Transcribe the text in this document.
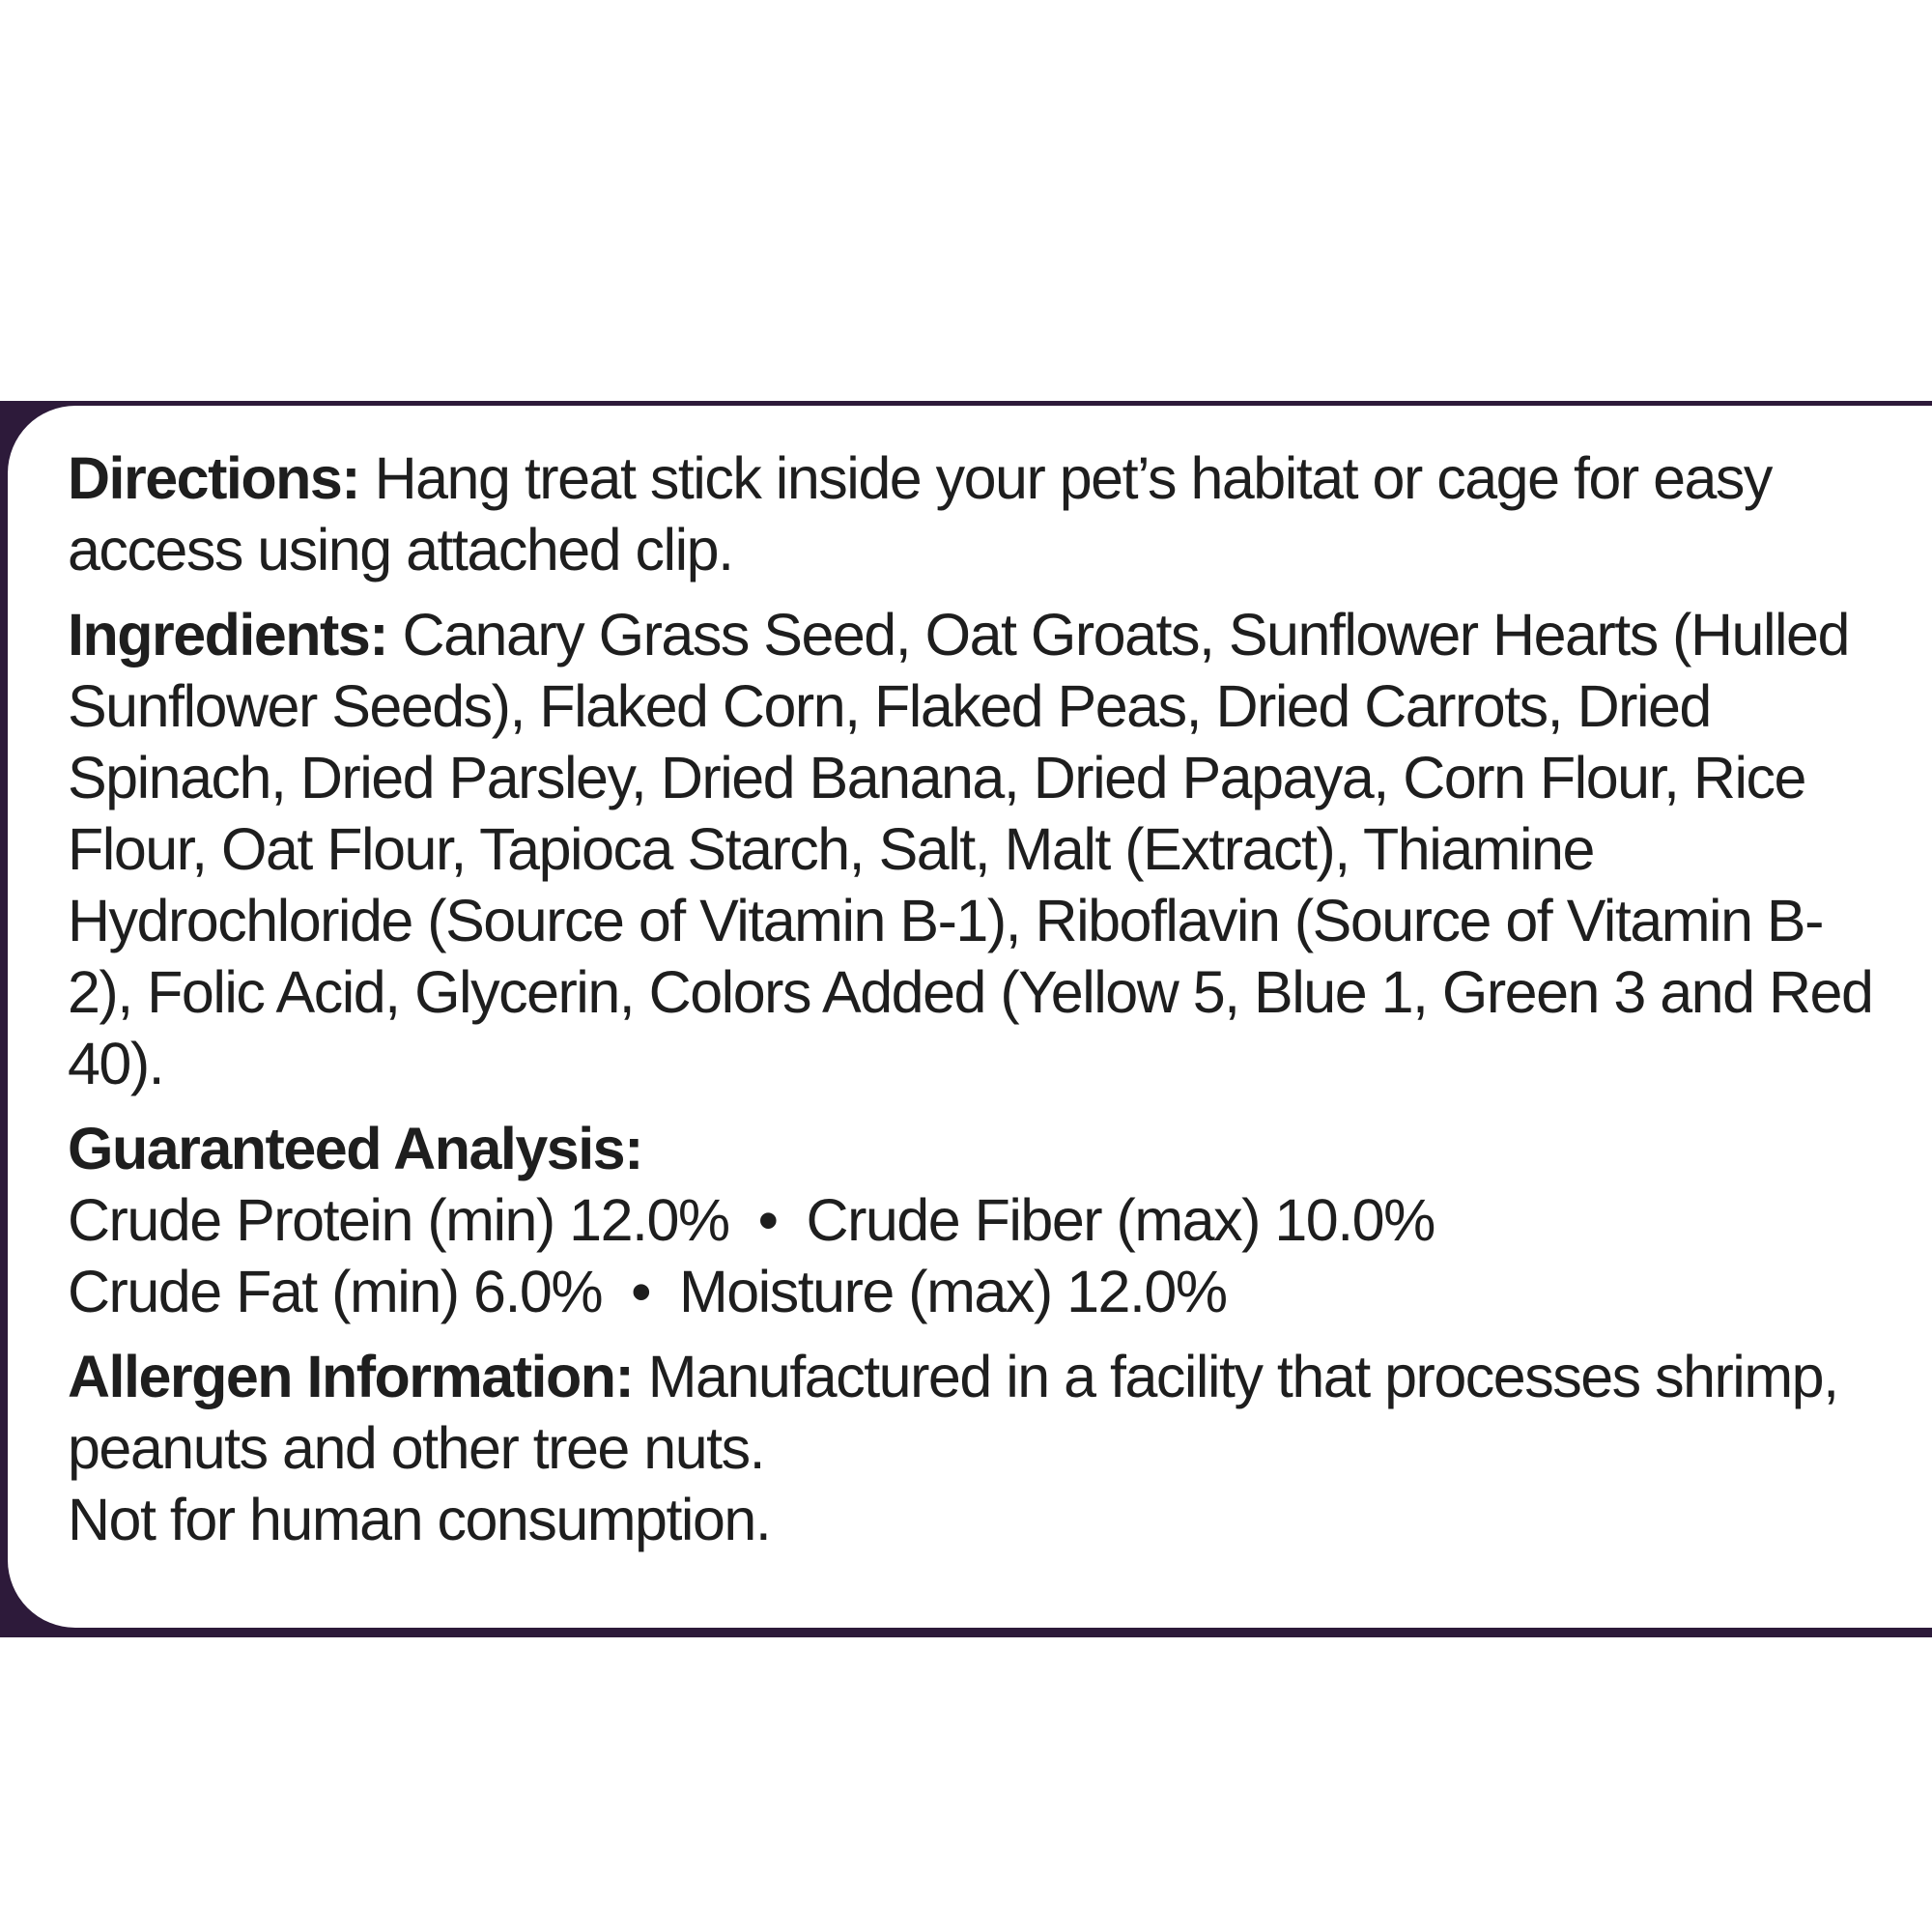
Directions: Hang treat stick inside your pet’s habitat or cage for easy access using attached clip.

Ingredients: Canary Grass Seed, Oat Groats, Sunflower Hearts (Hulled Sunflower Seeds), Flaked Corn, Flaked Peas, Dried Carrots, Dried Spinach, Dried Parsley, Dried Banana, Dried Papaya, Corn Flour, Rice Flour, Oat Flour, Tapioca Starch, Salt, Malt (Extract), Thiamine Hydrochloride (Source of Vitamin B-1), Riboflavin (Source of Vitamin B-2), Folic Acid, Glycerin, Colors Added (Yellow 5, Blue 1, Green 3 and Red 40).

Guaranteed Analysis:

Crude Protein (min) 12.0% • Crude Fiber (max) 10.0%

Crude Fat (min) 6.0% • Moisture (max) 12.0%

Allergen Information: Manufactured in a facility that processes shrimp, peanuts and other tree nuts.

Not for human consumption.
